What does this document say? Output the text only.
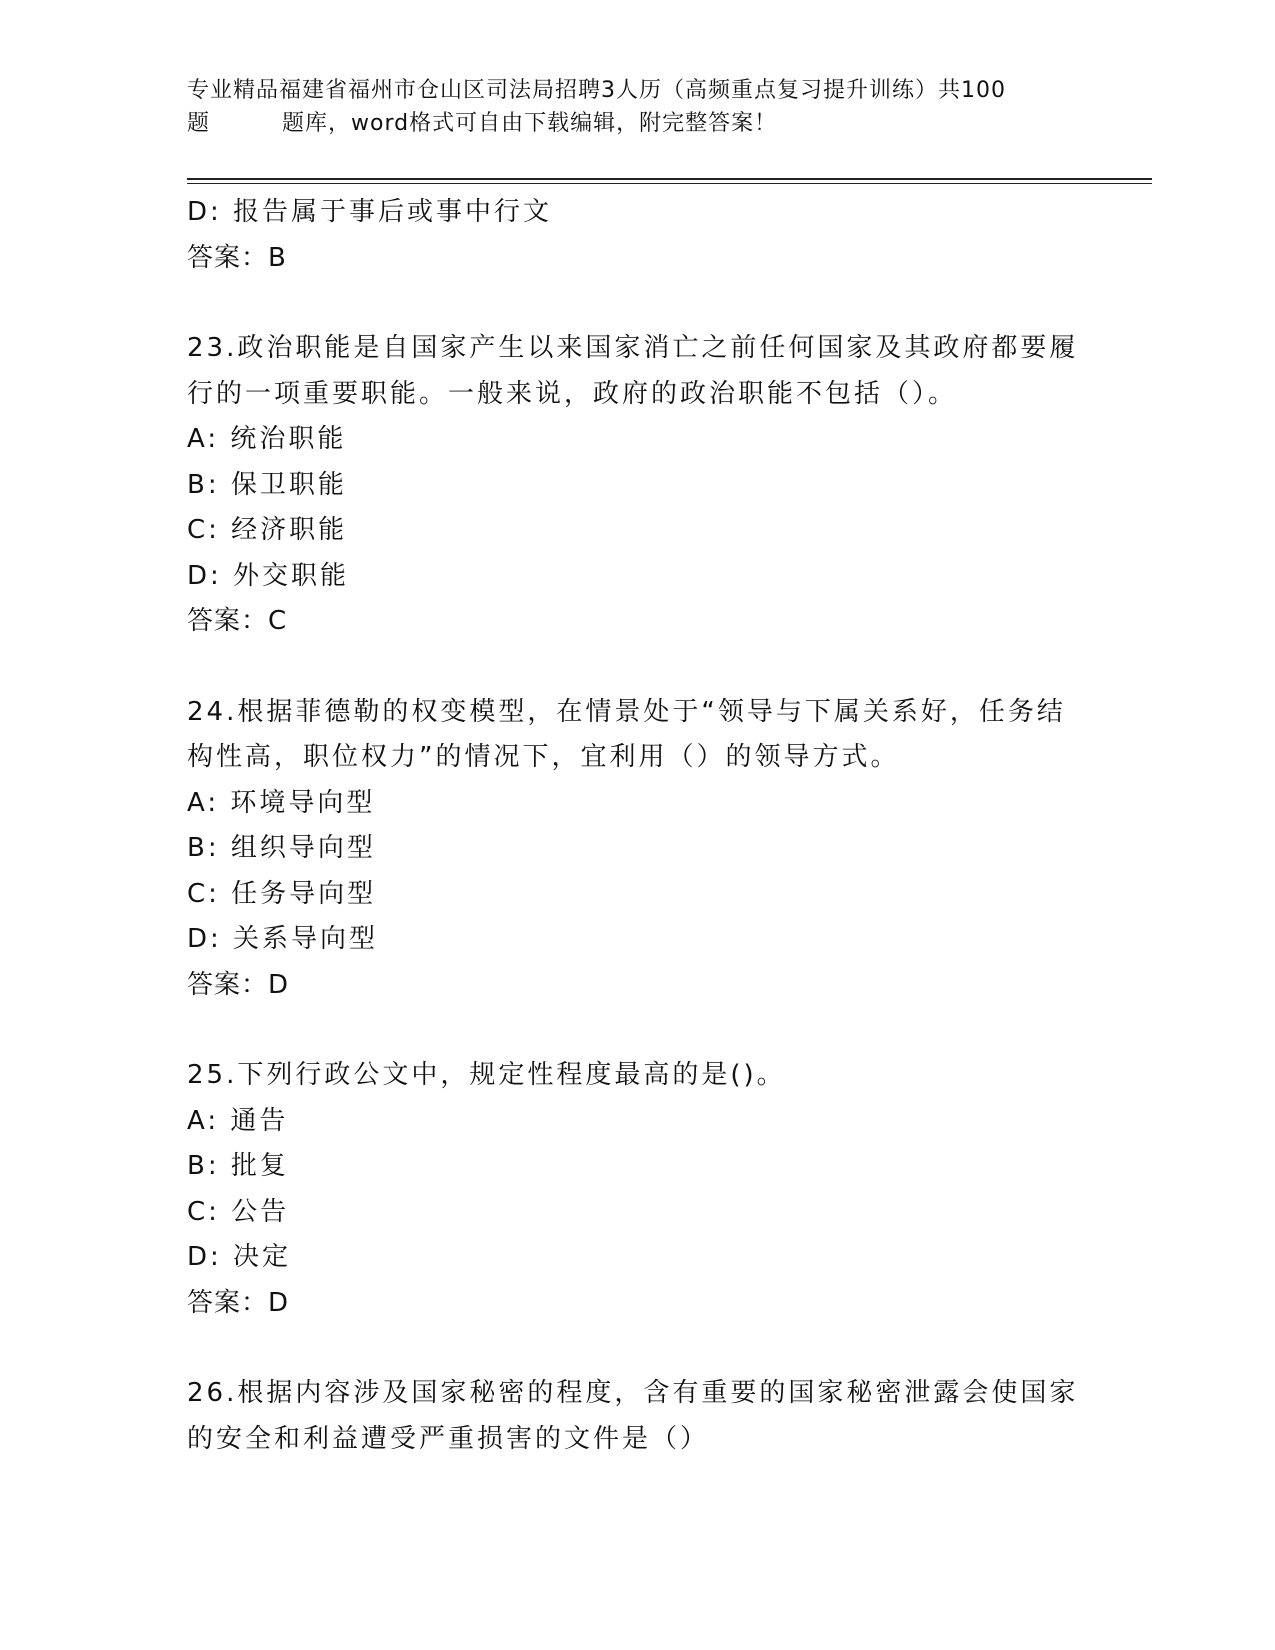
专业精品福建省福州市仓山区司法局招聘3人历（高频重点复习提升训练）共100
题	题库，word格式可自由下载编辑，附完整答案！
D: 报告属于事后或事中行文
答案：B
23.政治职能是自国家产生以来国家消亡之前任何国家及其政府都要履
行的一项重要职能。一般来说，政府的政治职能不包括（）。
A: 统治职能
B: 保卫职能
C: 经济职能
D: 外交职能
答案：C
24.根据菲德勒的权变模型，在情景处于“领导与下属关系好，任务结
构性高，职位权力”的情况下，宜利用（）的领导方式。
A: 环境导向型
B: 组织导向型
C: 任务导向型
D: 关系导向型
答案：D
25.下列行政公文中，规定性程度最高的是()。
A: 通告
B: 批复
C: 公告
D: 决定
答案：D
26.根据内容涉及国家秘密的程度，含有重要的国家秘密泄露会使国家
的安全和利益遭受严重损害的文件是（）
